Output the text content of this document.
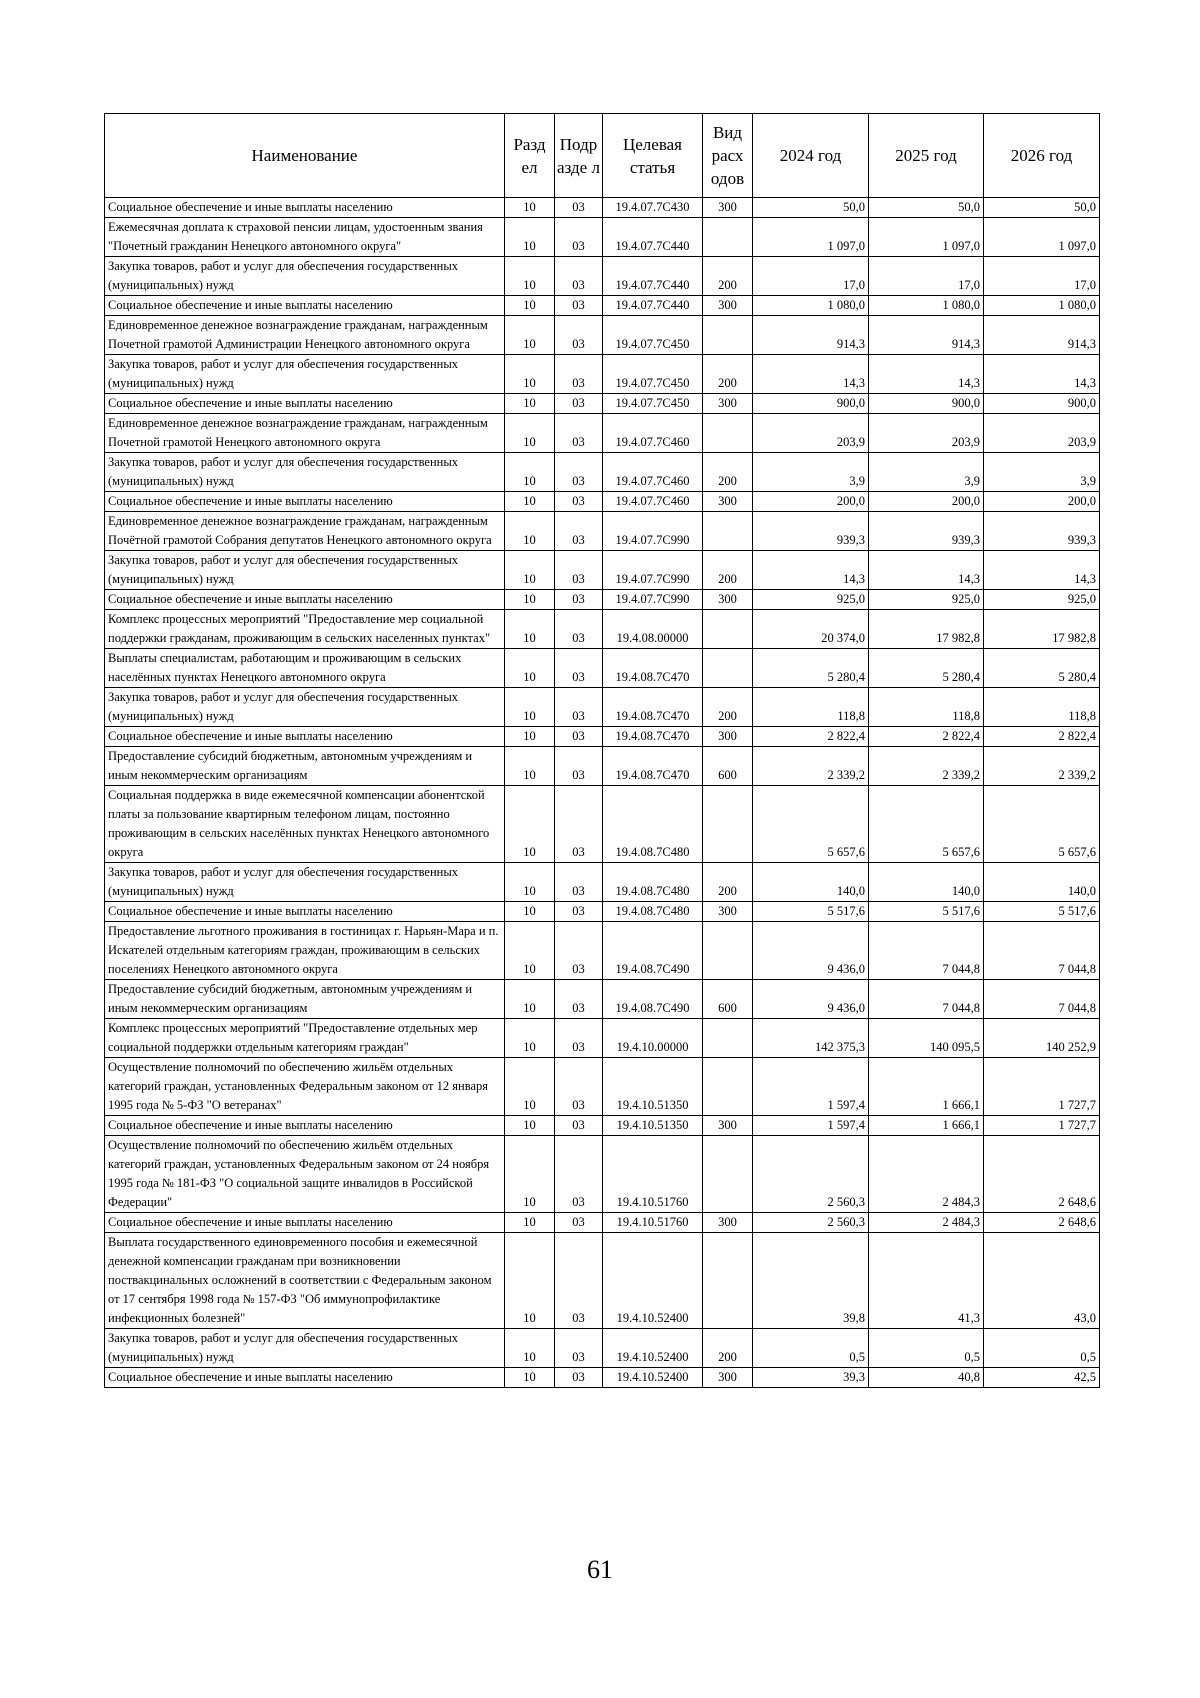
Наименование	Разд ел	Подр азде л	Целевая статья	Вид расх одов	2024 год	2025 год	2026 год
Социальное обеспечение и иные выплаты населению	10	03	19.4.07.7С430	300	50,0	50,0	50,0
Ежемесячная доплата к страховой пенсии лицам, удостоенным звания "Почетный гражданин Ненецкого автономного округа"	10	03	19.4.07.7С440		1 097,0	1 097,0	1 097,0
Закупка товаров, работ и услуг для обеспечения государственных (муниципальных) нужд	10	03	19.4.07.7С440	200	17,0	17,0	17,0
Социальное обеспечение и иные выплаты населению	10	03	19.4.07.7С440	300	1 080,0	1 080,0	1 080,0
Единовременное денежное вознаграждение гражданам, награжденным Почетной грамотой Администрации Ненецкого автономного округа	10	03	19.4.07.7С450		914,3	914,3	914,3
Закупка товаров, работ и услуг для обеспечения государственных (муниципальных) нужд	10	03	19.4.07.7С450	200	14,3	14,3	14,3
Социальное обеспечение и иные выплаты населению	10	03	19.4.07.7С450	300	900,0	900,0	900,0
Единовременное денежное вознаграждение гражданам, награжденным Почетной грамотой Ненецкого автономного округа	10	03	19.4.07.7С460		203,9	203,9	203,9
Закупка товаров, работ и услуг для обеспечения государственных (муниципальных) нужд	10	03	19.4.07.7С460	200	3,9	3,9	3,9
Социальное обеспечение и иные выплаты населению	10	03	19.4.07.7С460	300	200,0	200,0	200,0
Единовременное денежное вознаграждение гражданам, награжденным Почётной грамотой Собрания депутатов Ненецкого автономного округа	10	03	19.4.07.7С990		939,3	939,3	939,3
Закупка товаров, работ и услуг для обеспечения государственных (муниципальных) нужд	10	03	19.4.07.7С990	200	14,3	14,3	14,3
Социальное обеспечение и иные выплаты населению	10	03	19.4.07.7С990	300	925,0	925,0	925,0
Комплекс процессных мероприятий "Предоставление мер социальной поддержки гражданам, проживающим в сельских населенных пунктах"	10	03	19.4.08.00000		20 374,0	17 982,8	17 982,8
Выплаты специалистам, работающим и проживающим в сельских населённых пунктах Ненецкого автономного округа	10	03	19.4.08.7С470		5 280,4	5 280,4	5 280,4
Закупка товаров, работ и услуг для обеспечения государственных (муниципальных) нужд	10	03	19.4.08.7С470	200	118,8	118,8	118,8
Социальное обеспечение и иные выплаты населению	10	03	19.4.08.7С470	300	2 822,4	2 822,4	2 822,4
Предоставление субсидий бюджетным, автономным учреждениям и иным некоммерческим организациям	10	03	19.4.08.7С470	600	2 339,2	2 339,2	2 339,2
Социальная поддержка в виде ежемесячной компенсации абонентской платы за пользование квартирным телефоном лицам, постоянно проживающим в сельских населённых пунктах Ненецкого автономного округа	10	03	19.4.08.7С480		5 657,6	5 657,6	5 657,6
Закупка товаров, работ и услуг для обеспечения государственных (муниципальных) нужд	10	03	19.4.08.7С480	200	140,0	140,0	140,0
Социальное обеспечение и иные выплаты населению	10	03	19.4.08.7С480	300	5 517,6	5 517,6	5 517,6
Предоставление льготного проживания в гостиницах г. Нарьян-Мара и п. Искателей отдельным категориям граждан, проживающим в сельских поселениях Ненецкого автономного округа	10	03	19.4.08.7С490		9 436,0	7 044,8	7 044,8
Предоставление субсидий бюджетным, автономным учреждениям и иным некоммерческим организациям	10	03	19.4.08.7С490	600	9 436,0	7 044,8	7 044,8
Комплекс процессных мероприятий "Предоставление отдельных мер социальной поддержки отдельным категориям граждан"	10	03	19.4.10.00000		142 375,3	140 095,5	140 252,9
Осуществление полномочий по обеспечению жильём отдельных категорий граждан, установленных Федеральным законом от 12 января 1995 года № 5-ФЗ "О ветеранах"	10	03	19.4.10.51350		1 597,4	1 666,1	1 727,7
Социальное обеспечение и иные выплаты населению	10	03	19.4.10.51350	300	1 597,4	1 666,1	1 727,7
Осуществление полномочий по обеспечению жильём отдельных категорий граждан, установленных Федеральным законом от 24 ноября 1995 года № 181-ФЗ "О социальной защите инвалидов в Российской Федерации"	10	03	19.4.10.51760		2 560,3	2 484,3	2 648,6
Социальное обеспечение и иные выплаты населению	10	03	19.4.10.51760	300	2 560,3	2 484,3	2 648,6
Выплата государственного единовременного пособия и ежемесячной денежной компенсации гражданам при возникновении поствакцинальных осложнений в соответствии с Федеральным законом от 17 сентября 1998 года № 157-ФЗ "Об иммунопрофилактике инфекционных болезней"	10	03	19.4.10.52400		39,8	41,3	43,0
Закупка товаров, работ и услуг для обеспечения государственных (муниципальных) нужд	10	03	19.4.10.52400	200	0,5	0,5	0,5
Социальное обеспечение и иные выплаты населению	10	03	19.4.10.52400	300	39,3	40,8	42,5
61
